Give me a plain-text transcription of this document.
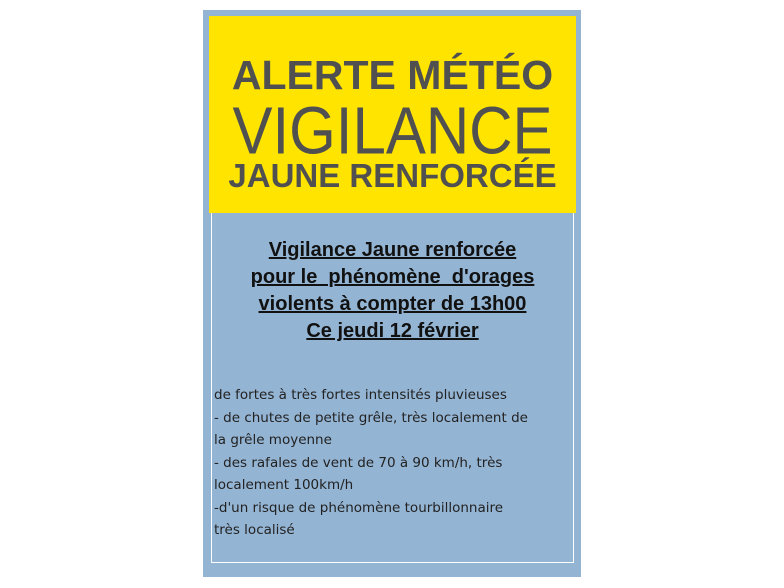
ALERTE MÉTÉO
VIGILANCE
JAUNE RENFORCÉE
Vigilance Jaune renforcée
pour le  phénomène  d'orages
violents à compter de 13h00
Ce jeudi 12 février
de fortes à très fortes intensités pluvieuses
- de chutes de petite grêle, très localement de
la grêle moyenne
- des rafales de vent de 70 à 90 km/h, très
localement 100km/h
-d'un risque de phénomène tourbillonnaire
très localisé
